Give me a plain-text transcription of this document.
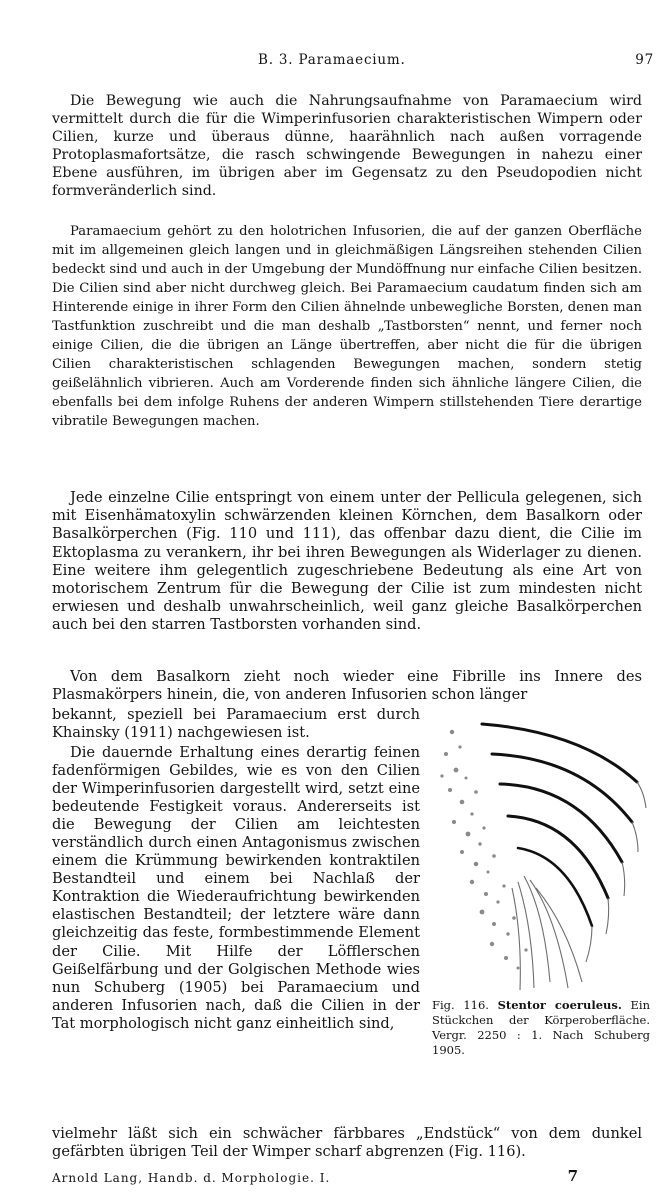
B. 3. Paramaecium.	97

Die Bewegung wie auch die Nahrungsaufnahme von Paramaecium wird vermittelt durch die für die Wimperinfusorien charakteristischen Wimpern oder Cilien, kurze und überaus dünne, haarähnlich nach außen vorragende Protoplasmafortsätze, die rasch schwingende Bewegungen in nahezu einer Ebene ausführen, im übrigen aber im Gegensatz zu den Pseudopodien nicht formveränderlich sind.

Paramaecium gehört zu den holotrichen Infusorien, die auf der ganzen Oberfläche mit im allgemeinen gleich langen und in gleichmäßigen Längsreihen stehenden Cilien bedeckt sind und auch in der Umgebung der Mundöffnung nur einfache Cilien besitzen. Die Cilien sind aber nicht durchweg gleich. Bei Paramaecium caudatum finden sich am Hinterende einige in ihrer Form den Cilien ähnelnde unbewegliche Borsten, denen man Tastfunktion zuschreibt und die man deshalb „Tastborsten“ nennt, und ferner noch einige Cilien, die die übrigen an Länge übertreffen, aber nicht die für die übrigen Cilien charakteristischen schlagenden Bewegungen machen, sondern stetig geißelähnlich vibrieren. Auch am Vorderende finden sich ähnliche längere Cilien, die ebenfalls bei dem infolge Ruhens der anderen Wimpern stillstehenden Tiere derartige vibratile Bewegungen machen.

Jede einzelne Cilie entspringt von einem unter der Pellicula gelegenen, sich mit Eisenhämatoxylin schwärzenden kleinen Körnchen, dem Basalkorn oder Basalkörperchen (Fig. 110 und 111), das offenbar dazu dient, die Cilie im Ektoplasma zu verankern, ihr bei ihren Bewegungen als Widerlager zu dienen. Eine weitere ihm gelegentlich zugeschriebene Bedeutung als eine Art von motorischem Zentrum für die Bewegung der Cilie ist zum mindesten nicht erwiesen und deshalb unwahrscheinlich, weil ganz gleiche Basalkörperchen auch bei den starren Tastborsten vorhanden sind.

Von dem Basalkorn zieht noch wieder eine Fibrille ins Innere des Plasmakörpers hinein, die, von anderen Infusorien schon länger

bekannt, speziell bei Paramaecium erst durch Khainsky (1911) nachgewiesen ist.

Die dauernde Erhaltung eines derartig feinen fadenförmigen Gebildes, wie es von den Cilien der Wimperinfusorien dargestellt wird, setzt eine bedeutende Festigkeit voraus. Andererseits ist die Bewegung der Cilien am leichtesten verständlich durch einen Antagonismus zwischen einem die Krümmung bewirkenden kontraktilen Bestandteil und einem bei Nachlaß der Kontraktion die Wiederaufrichtung bewirkenden elastischen Bestandteil; der letztere wäre dann gleichzeitig das feste, formbestimmende Element der Cilie. Mit Hilfe der Löfflerschen Geißelfärbung und der Golgischen Methode wies nun Schuberg (1905) bei Paramaecium und anderen Infusorien nach, daß die Cilien in der Tat morphologisch nicht ganz einheitlich sind,

vielmehr läßt sich ein schwächer färbbares „Endstück“ von dem dunkel gefärbten übrigen Teil der Wimper scharf abgrenzen (Fig. 116).

Fig. 116. Stentor coeruleus. Ein Stückchen der Körperoberfläche. Vergr. 2250 : 1. Nach Schuberg 1905.
Arnold Lang, Handb. d. Morphologie. I.	7
